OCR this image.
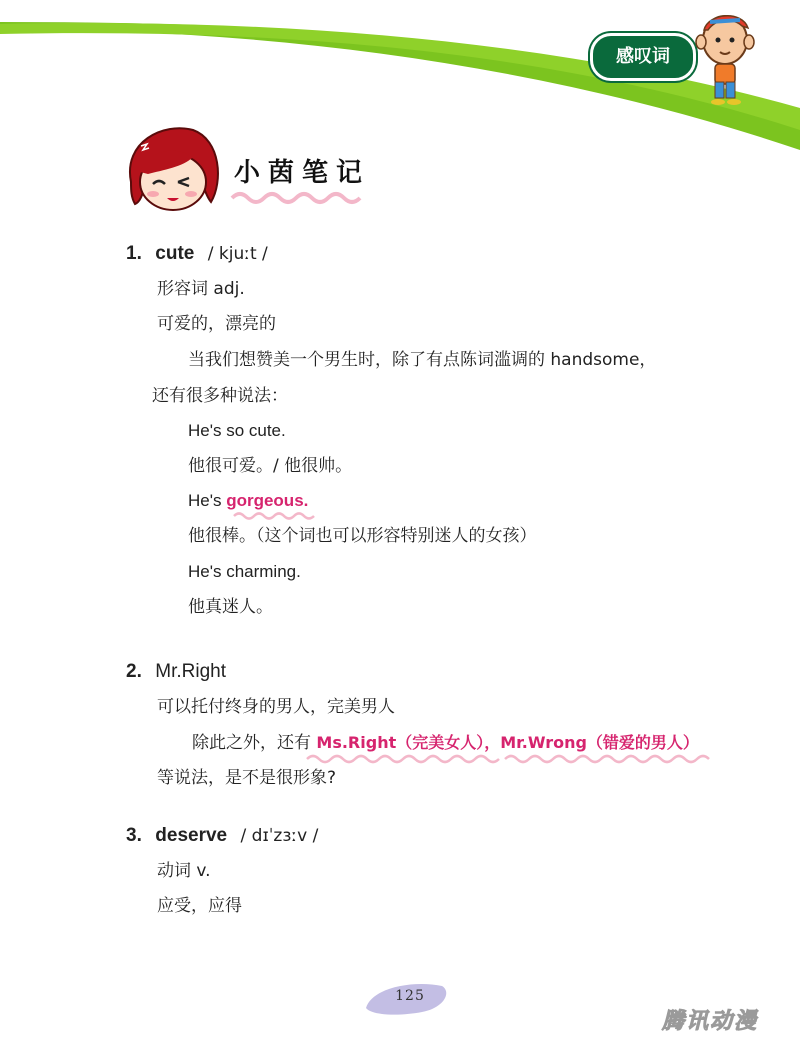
感叹词
小茵笔记
1. cute / kjuːt /
形容词 adj.
可爱的，漂亮的
当我们想赞美一个男生时，除了有点陈词滥调的 handsome，
还有很多种说法：
He's so cute.
他很可爱。/ 他很帅。
He's gorgeous.
他很棒。（这个词也可以形容特别迷人的女孩）
He's charming.
他真迷人。
2. Mr.Right
可以托付终身的男人，完美男人
除此之外，还有 Ms.Right（完美女人），Mr.Wrong（错爱的男人）
等说法，是不是很形象?
3. deserve / dɪˈzɜːv /
动词 v.
应受，应得
125
腾讯动漫
